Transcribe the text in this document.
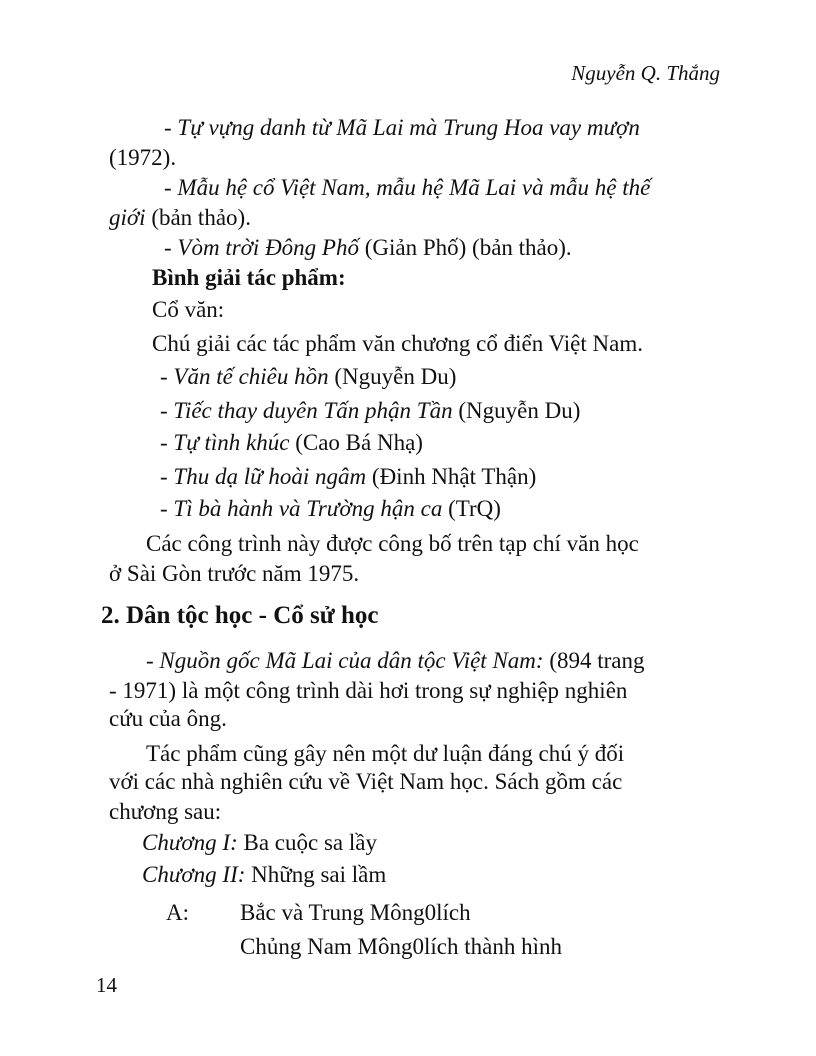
Nguyễn Q. Thắng
- Tự vựng danh từ Mã Lai mà Trung Hoa vay mượn
(1972).
- Mẫu hệ cổ Việt Nam, mẫu hệ Mã Lai và mẫu hệ thế
giới (bản thảo).
- Vòm trời Đông Phố (Giản Phố) (bản thảo).
Bình giải tác phẩm:
Cổ văn:
Chú giải các tác phẩm văn chương cổ điển Việt Nam.
- Văn tế chiêu hồn (Nguyễn Du)
- Tiếc thay duyên Tấn phận Tần (Nguyễn Du)
- Tự tình khúc (Cao Bá Nhạ)
- Thu dạ lữ hoài ngâm (Đinh Nhật Thận)
- Tì bà hành và Trường hận ca (TrQ)
Các công trình này được công bố trên tạp chí văn học
ở Sài Gòn trước năm 1975.
2. Dân tộc học - Cổ sử học
- Nguồn gốc Mã Lai của dân tộc Việt Nam: (894 trang
- 1971) là một công trình dài hơi trong sự nghiệp nghiên
cứu của ông.
Tác phẩm cũng gây nên một dư luận đáng chú ý đối
với các nhà nghiên cứu về Việt Nam học. Sách gồm các
chương sau:
Chương I: Ba cuộc sa lầy
Chương II: Những sai lầm
A: Bắc và Trung Mông0lích
Chủng Nam Mông0lích thành hình
14
